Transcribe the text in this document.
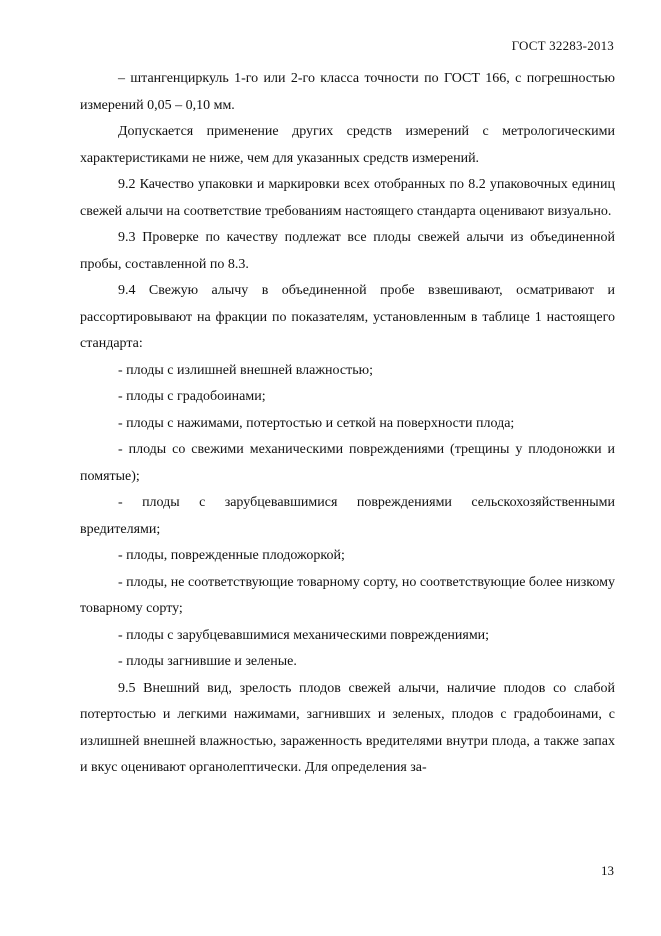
ГОСТ 32283-2013

– штангенциркуль 1-го или 2-го класса точности по ГОСТ 166, с погрешностью измерений 0,05 – 0,10 мм.

Допускается применение других средств измерений с метрологическими характеристиками не ниже, чем для указанных средств измерений.

9.2 Качество упаковки и маркировки всех отобранных по 8.2 упаковочных единиц свежей алычи на соответствие требованиям настоящего стандарта оценивают визуально.

9.3 Проверке по качеству подлежат все плоды свежей алычи из объединенной пробы, составленной по 8.3.

9.4 Свежую алычу в объединенной пробе взвешивают, осматривают и рассортировывают на фракции по показателям, установленным в таблице 1 настоящего стандарта:

- плоды с излишней внешней влажностью;

- плоды с градобоинами;

- плоды с нажимами, потертостью и сеткой на поверхности плода;

- плоды со свежими механическими повреждениями (трещины у плодоножки и помятые);

- плоды с зарубцевавшимися повреждениями сельскохозяйственными вредителями;

- плоды, поврежденные плодожоркой;

- плоды, не соответствующие товарному сорту, но соответствующие более низкому товарному сорту;

- плоды с зарубцевавшимися механическими повреждениями;

- плоды загнившие и зеленые.

9.5 Внешний вид, зрелость плодов свежей алычи, наличие плодов со слабой потертостью и легкими нажимами, загнивших и зеленых, плодов с градобоинами, с излишней внешней влажностью, зараженность вредителями внутри плода, а также запах и вкус оценивают органолептически. Для определения за-

13
